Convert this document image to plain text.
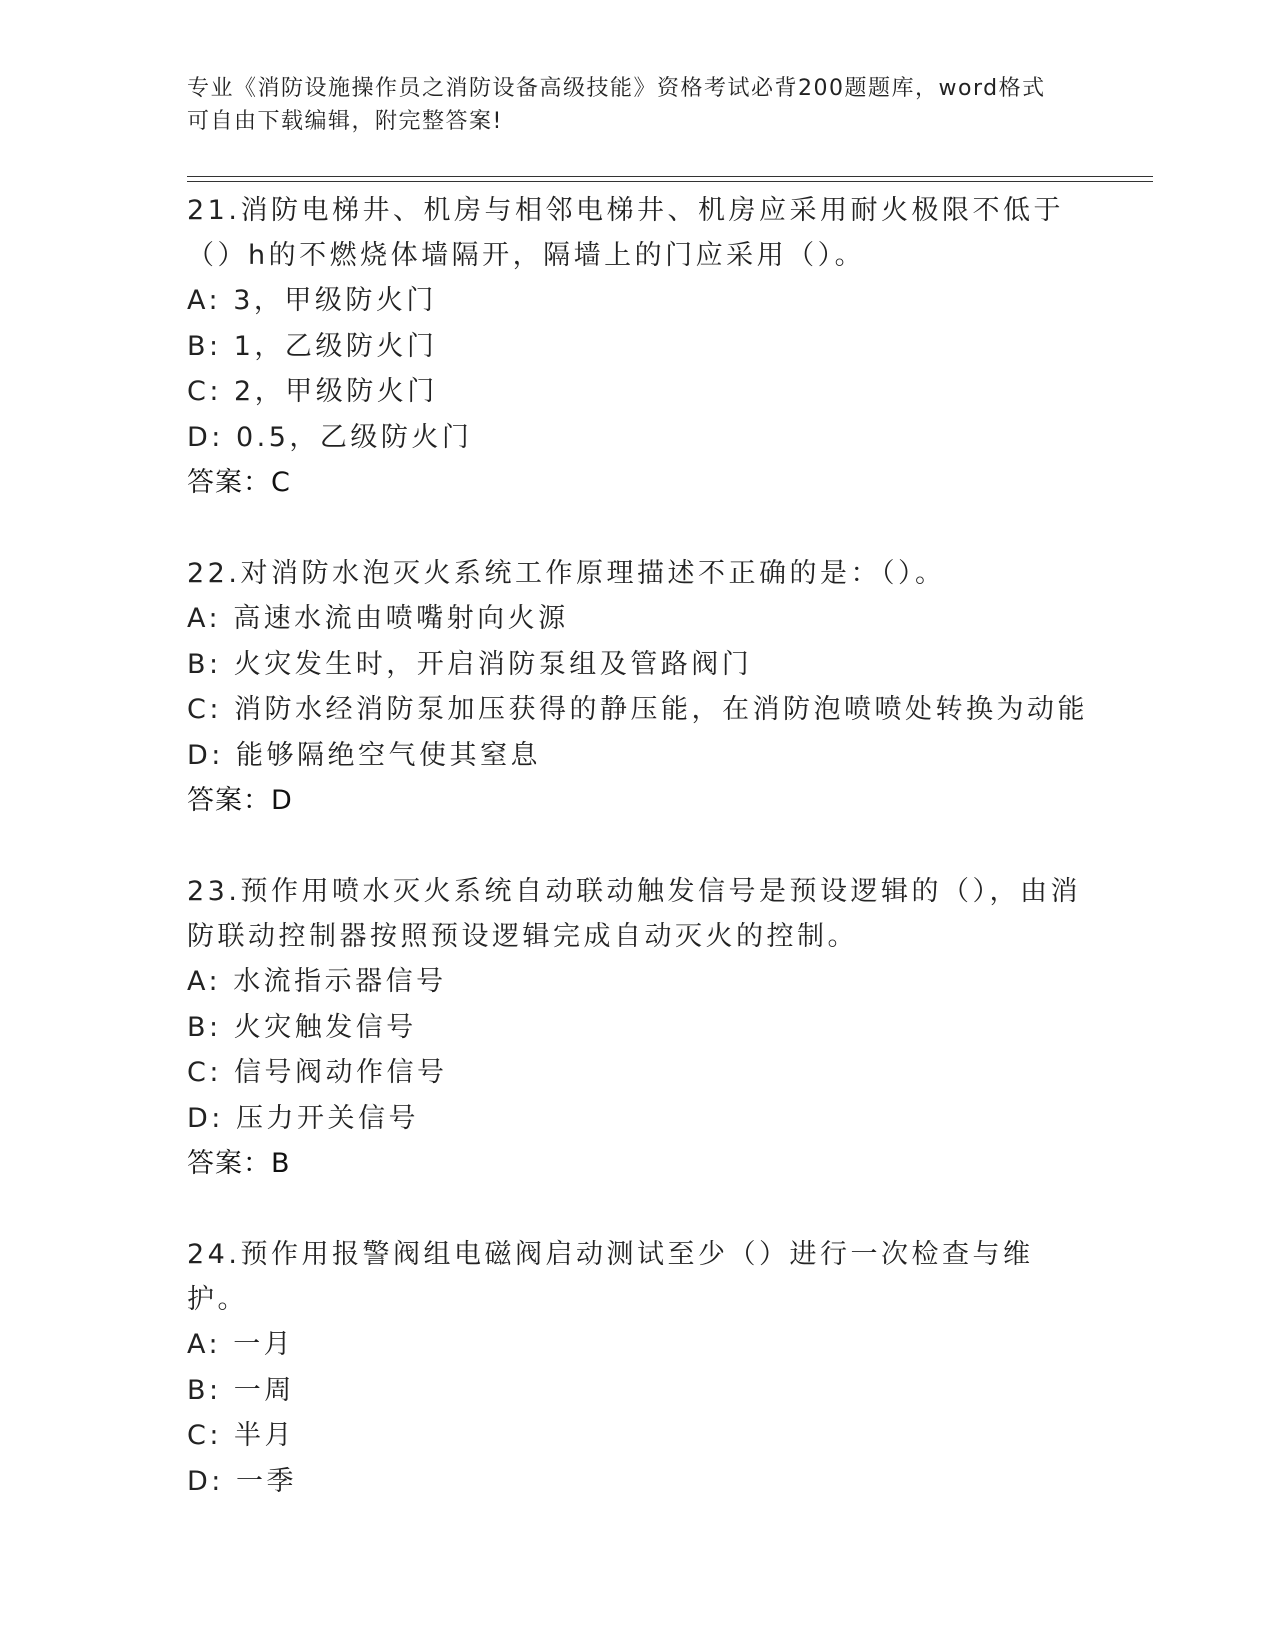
专业《消防设施操作员之消防设备高级技能》资格考试必背200题题库，word格式可自由下载编辑，附完整答案!
21.消防电梯井、机房与相邻电梯井、机房应采用耐火极限不低于（）h的不燃烧体墙隔开，隔墙上的门应采用（）。
A: 3，甲级防火门
B: 1，乙级防火门
C: 2，甲级防火门
D: 0.5，乙级防火门
答案：C
22.对消防水泡灭火系统工作原理描述不正确的是：（）。
A: 高速水流由喷嘴射向火源
B: 火灾发生时，开启消防泵组及管路阀门
C: 消防水经消防泵加压获得的静压能，在消防泡喷喷处转换为动能
D: 能够隔绝空气使其窒息
答案：D
23.预作用喷水灭火系统自动联动触发信号是预设逻辑的（），由消防联动控制器按照预设逻辑完成自动灭火的控制。
A: 水流指示器信号
B: 火灾触发信号
C: 信号阀动作信号
D: 压力开关信号
答案：B
24.预作用报警阀组电磁阀启动测试至少（）进行一次检查与维护。
A: 一月
B: 一周
C: 半月
D: 一季
